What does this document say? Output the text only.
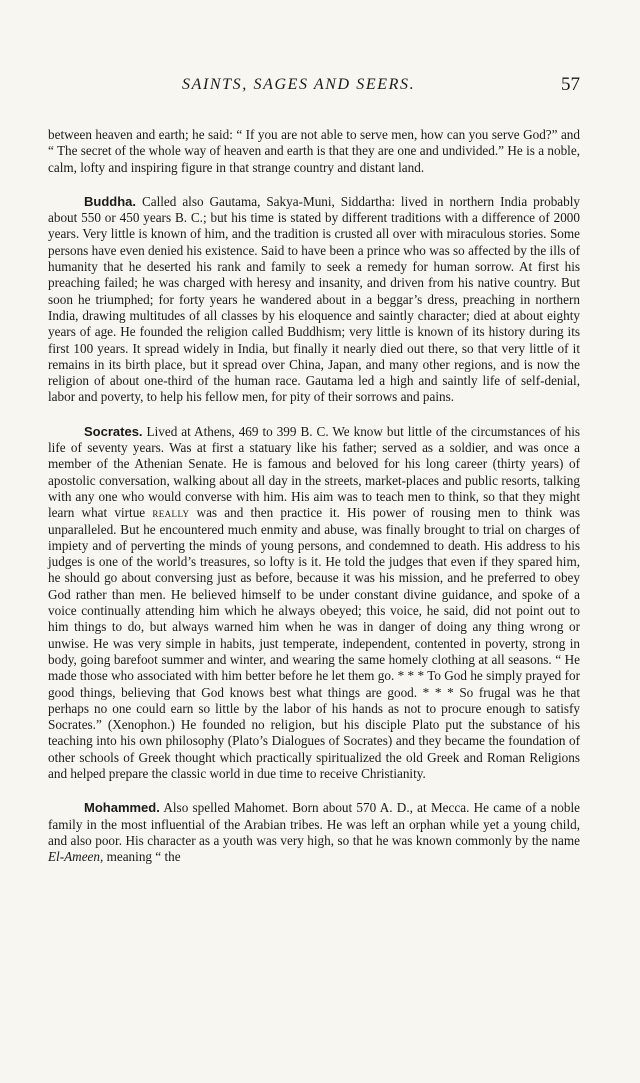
SAINTS, SAGES AND SEERS.	57

between heaven and earth; he said: “ If you are not able to serve men, how can you serve God?” and “ The secret of the whole way of heaven and earth is that they are one and undivided.” He is a noble, calm, lofty and inspiring figure in that strange country and distant land.

Buddha. Called also Gautama, Sakya-Muni, Siddartha: lived in northern India probably about 550 or 450 years B. C.; but his time is stated by different traditions with a difference of 2000 years. Very little is known of him, and the tradition is crusted all over with miraculous stories. Some persons have even denied his existence. Said to have been a prince who was so affected by the ills of humanity that he deserted his rank and family to seek a remedy for human sorrow. At first his preaching failed; he was charged with heresy and insanity, and driven from his native country. But soon he triumphed; for forty years he wandered about in a beggar’s dress, preaching in northern India, drawing multitudes of all classes by his eloquence and saintly character; died at about eighty years of age. He founded the religion called Buddhism; very little is known of its history during its first 100 years. It spread widely in India, but finally it nearly died out there, so that very little of it remains in its birth place, but it spread over China, Japan, and many other regions, and is now the religion of about one-third of the human race. Gautama led a high and saintly life of self-denial, labor and poverty, to help his fellow men, for pity of their sorrows and pains.

Socrates. Lived at Athens, 469 to 399 B. C. We know but little of the circumstances of his life of seventy years. Was at first a statuary like his father; served as a soldier, and was once a member of the Athenian Senate. He is famous and beloved for his long career (thirty years) of apostolic conversation, walking about all day in the streets, market-places and public resorts, talking with any one who would converse with him. His aim was to teach men to think, so that they might learn what virtue really was and then practice it. His power of rousing men to think was unparalleled. But he encountered much enmity and abuse, was finally brought to trial on charges of impiety and of perverting the minds of young persons, and condemned to death. His address to his judges is one of the world’s treasures, so lofty is it. He told the judges that even if they spared him, he should go about conversing just as before, because it was his mission, and he preferred to obey God rather than men. He believed himself to be under constant divine guidance, and spoke of a voice continually attending him which he always obeyed; this voice, he said, did not point out to him things to do, but always warned him when he was in danger of doing any thing wrong or unwise. He was very simple in habits, just temperate, independent, contented in poverty, strong in body, going barefoot summer and winter, and wearing the same homely clothing at all seasons. “ He made those who associated with him better before he let them go. * * * To God he simply prayed for good things, believing that God knows best what things are good. * * * So frugal was he that perhaps no one could earn so little by the labor of his hands as not to procure enough to satisfy Socrates.” (Xenophon.) He founded no religion, but his disciple Plato put the substance of his teaching into his own philosophy (Plato’s Dialogues of Socrates) and they became the foundation of other schools of Greek thought which practically spiritualized the old Greek and Roman Religions and helped prepare the classic world in due time to receive Christianity.

Mohammed. Also spelled Mahomet. Born about 570 A. D., at Mecca. He came of a noble family in the most influential of the Arabian tribes. He was left an orphan while yet a young child, and also poor. His character as a youth was very high, so that he was known commonly by the name El-Ameen, meaning “ the
